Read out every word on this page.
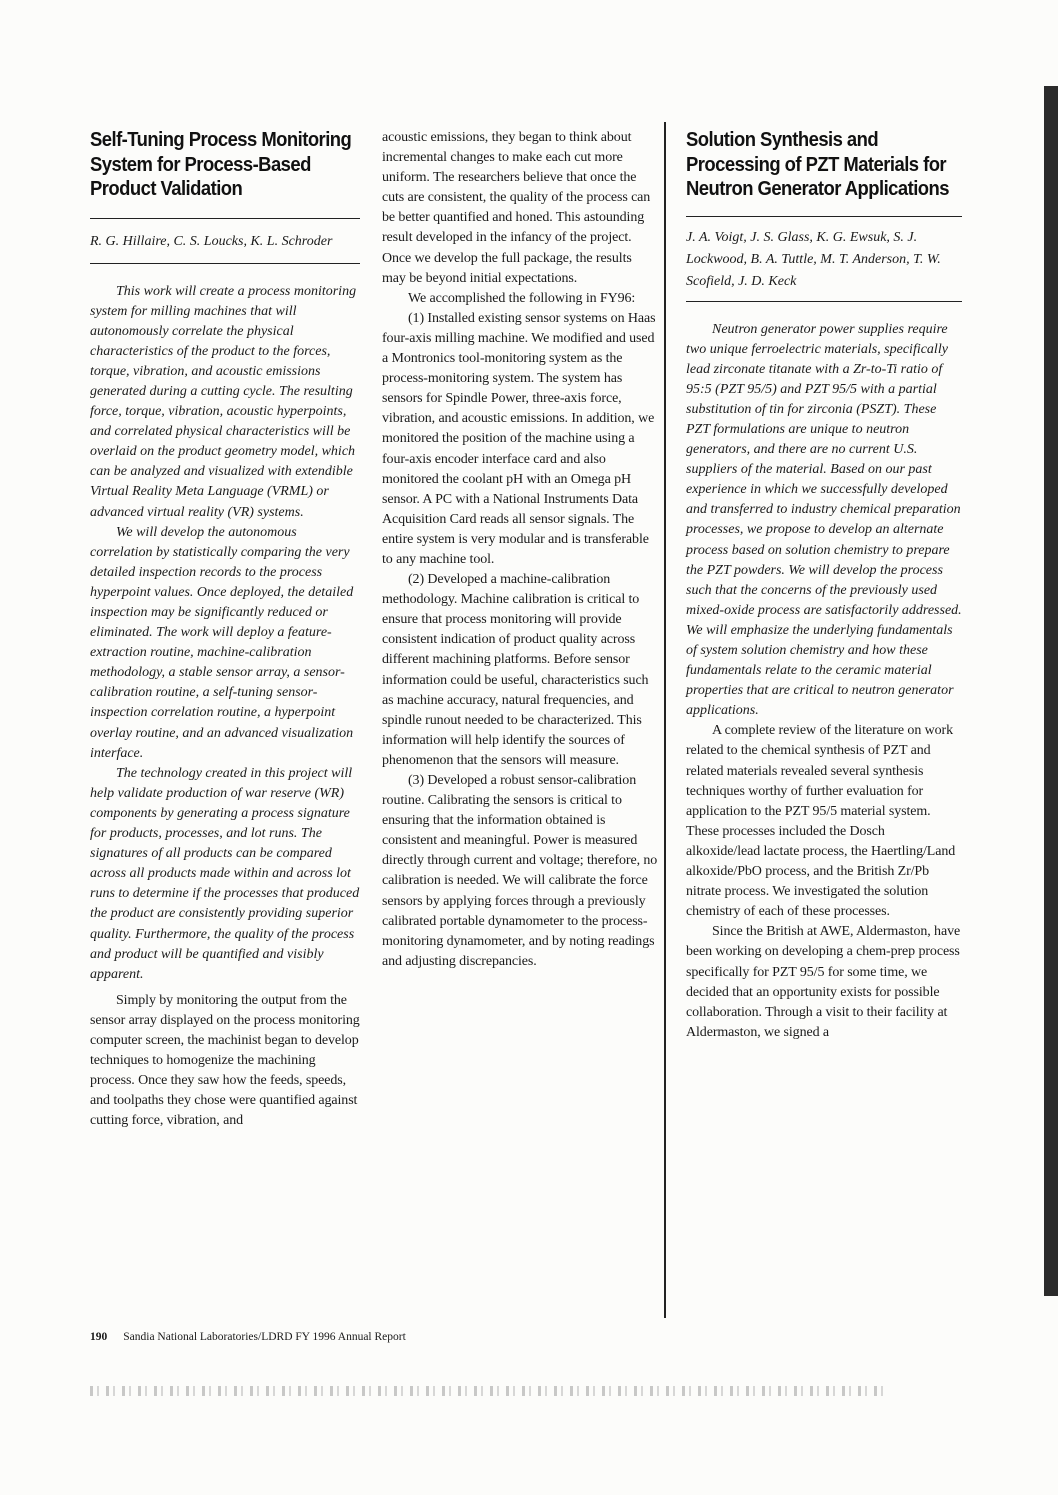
Self-Tuning Process Monitoring System for Process-Based Product Validation

R. G. Hillaire, C. S. Loucks, K. L. Schroder

This work will create a process monitoring system for milling machines that will autonomously correlate the physical characteristics of the product to the forces, torque, vibration, and acoustic emissions generated during a cutting cycle. The resulting force, torque, vibration, acoustic hyperpoints, and correlated physical characteristics will be overlaid on the product geometry model, which can be analyzed and visualized with extendible Virtual Reality Meta Language (VRML) or advanced virtual reality (VR) systems.

We will develop the autonomous correlation by statistically comparing the very detailed inspection records to the process hyperpoint values. Once deployed, the detailed inspection may be significantly reduced or eliminated. The work will deploy a feature-extraction routine, machine-calibration methodology, a stable sensor array, a sensor-calibration routine, a self-tuning sensor-inspection correlation routine, a hyperpoint overlay routine, and an advanced visualization interface.

The technology created in this project will help validate production of war reserve (WR) components by generating a process signature for products, processes, and lot runs. The signatures of all products can be compared across all products made within and across lot runs to determine if the processes that produced the product are consistently providing superior quality. Furthermore, the quality of the process and product will be quantified and visibly apparent.

Simply by monitoring the output from the sensor array displayed on the process monitoring computer screen, the machinist began to develop techniques to homogenize the machining process. Once they saw how the feeds, speeds, and toolpaths they chose were quantified against cutting force, vibration, and

acoustic emissions, they began to think about incremental changes to make each cut more uniform. The researchers believe that once the cuts are consistent, the quality of the process can be better quantified and honed. This astounding result developed in the infancy of the project. Once we develop the full package, the results may be beyond initial expectations.

We accomplished the following in FY96:

(1) Installed existing sensor systems on Haas four-axis milling machine. We modified and used a Montronics tool-monitoring system as the process-monitoring system. The system has sensors for Spindle Power, three-axis force, vibration, and acoustic emissions. In addition, we monitored the position of the machine using a four-axis encoder interface card and also monitored the coolant pH with an Omega pH sensor. A PC with a National Instruments Data Acquisition Card reads all sensor signals. The entire system is very modular and is transferable to any machine tool.

(2) Developed a machine-calibration methodology. Machine calibration is critical to ensure that process monitoring will provide consistent indication of product quality across different machining platforms. Before sensor information could be useful, characteristics such as machine accuracy, natural frequencies, and spindle runout needed to be characterized. This information will help identify the sources of phenomenon that the sensors will measure.

(3) Developed a robust sensor-calibration routine. Calibrating the sensors is critical to ensuring that the information obtained is consistent and meaningful. Power is measured directly through current and voltage; therefore, no calibration is needed. We will calibrate the force sensors by applying forces through a previously calibrated portable dynamometer to the process-monitoring dynamometer, and by noting readings and adjusting discrepancies.

Solution Synthesis and Processing of PZT Materials for Neutron Generator Applications

J. A. Voigt, J. S. Glass, K. G. Ewsuk, S. J. Lockwood, B. A. Tuttle, M. T. Anderson, T. W. Scofield, J. D. Keck

Neutron generator power supplies require two unique ferroelectric materials, specifically lead zirconate titanate with a Zr-to-Ti ratio of 95:5 (PZT 95/5) and PZT 95/5 with a partial substitution of tin for zirconia (PSZT). These PZT formulations are unique to neutron generators, and there are no current U.S. suppliers of the material. Based on our past experience in which we successfully developed and transferred to industry chemical preparation processes, we propose to develop an alternate process based on solution chemistry to prepare the PZT powders. We will develop the process such that the concerns of the previously used mixed-oxide process are satisfactorily addressed. We will emphasize the underlying fundamentals of system solution chemistry and how these fundamentals relate to the ceramic material properties that are critical to neutron generator applications.

A complete review of the literature on work related to the chemical synthesis of PZT and related materials revealed several synthesis techniques worthy of further evaluation for application to the PZT 95/5 material system. These processes included the Dosch alkoxide/lead lactate process, the Haertling/Land alkoxide/PbO process, and the British Zr/Pb nitrate process. We investigated the solution chemistry of each of these processes.

Since the British at AWE, Aldermaston, have been working on developing a chem-prep process specifically for PZT 95/5 for some time, we decided that an opportunity exists for possible collaboration. Through a visit to their facility at Aldermaston, we signed a

190 Sandia National Laboratories/LDRD FY 1996 Annual Report
